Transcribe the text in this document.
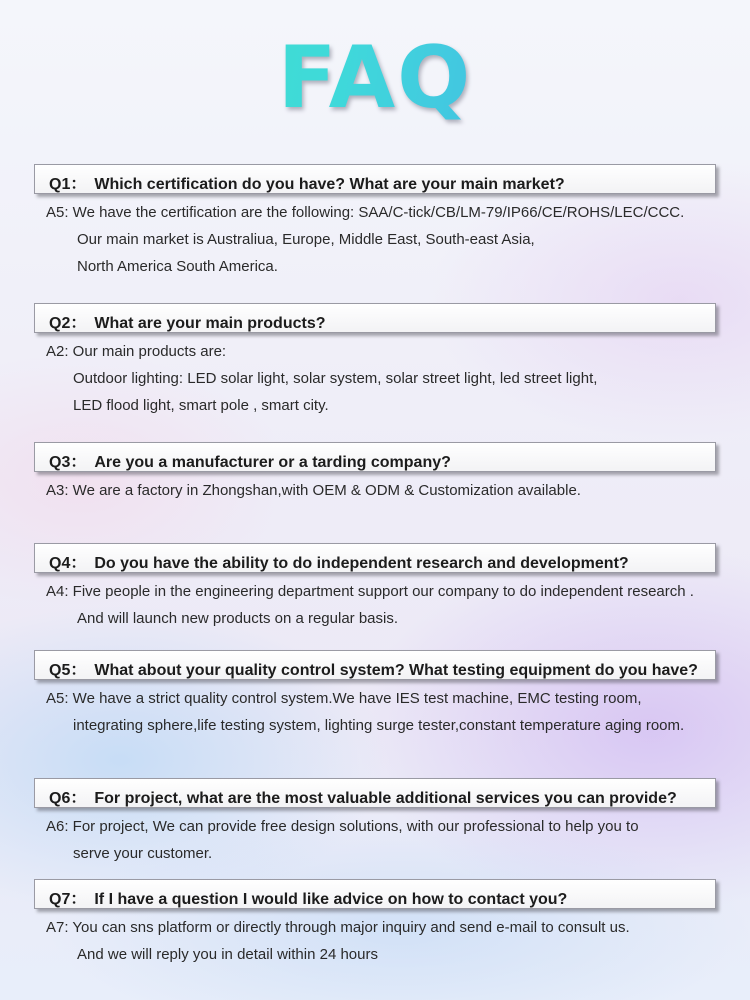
FAQ
Q1： Which certification do you have? What are your main market?
A5: We have the certification are the following: SAA/C-tick/CB/LM-79/IP66/CE/ROHS/LEC/CCC.
Our main market is Australiua, Europe, Middle East, South-east Asia,
North America South America.
Q2： What are your main products?
A2: Our main products are:
Outdoor lighting: LED solar light, solar system, solar street light, led street light,
LED flood light, smart pole , smart city.
Q3： Are you a manufacturer or a tarding company?
A3: We are a factory in Zhongshan,with OEM & ODM & Customization available.
Q4： Do you have the ability to do independent research and development?
A4: Five people in the engineering department support our company to do independent research .
And will launch new products on a regular basis.
Q5： What about your quality control system? What testing equipment do you have?
A5: We have a strict quality control system.We have IES test machine, EMC testing room,
integrating sphere,life testing system, lighting surge tester,constant temperature aging room.
Q6： For project, what are the most valuable additional services you can provide?
A6: For project, We can provide free design solutions, with our professional to help you to
serve your customer.
Q7： If I have a question I would like advice on how to contact you?
A7: You can sns platform or directly through major inquiry and send e-mail to consult us.
And we will reply you in detail within 24 hours
